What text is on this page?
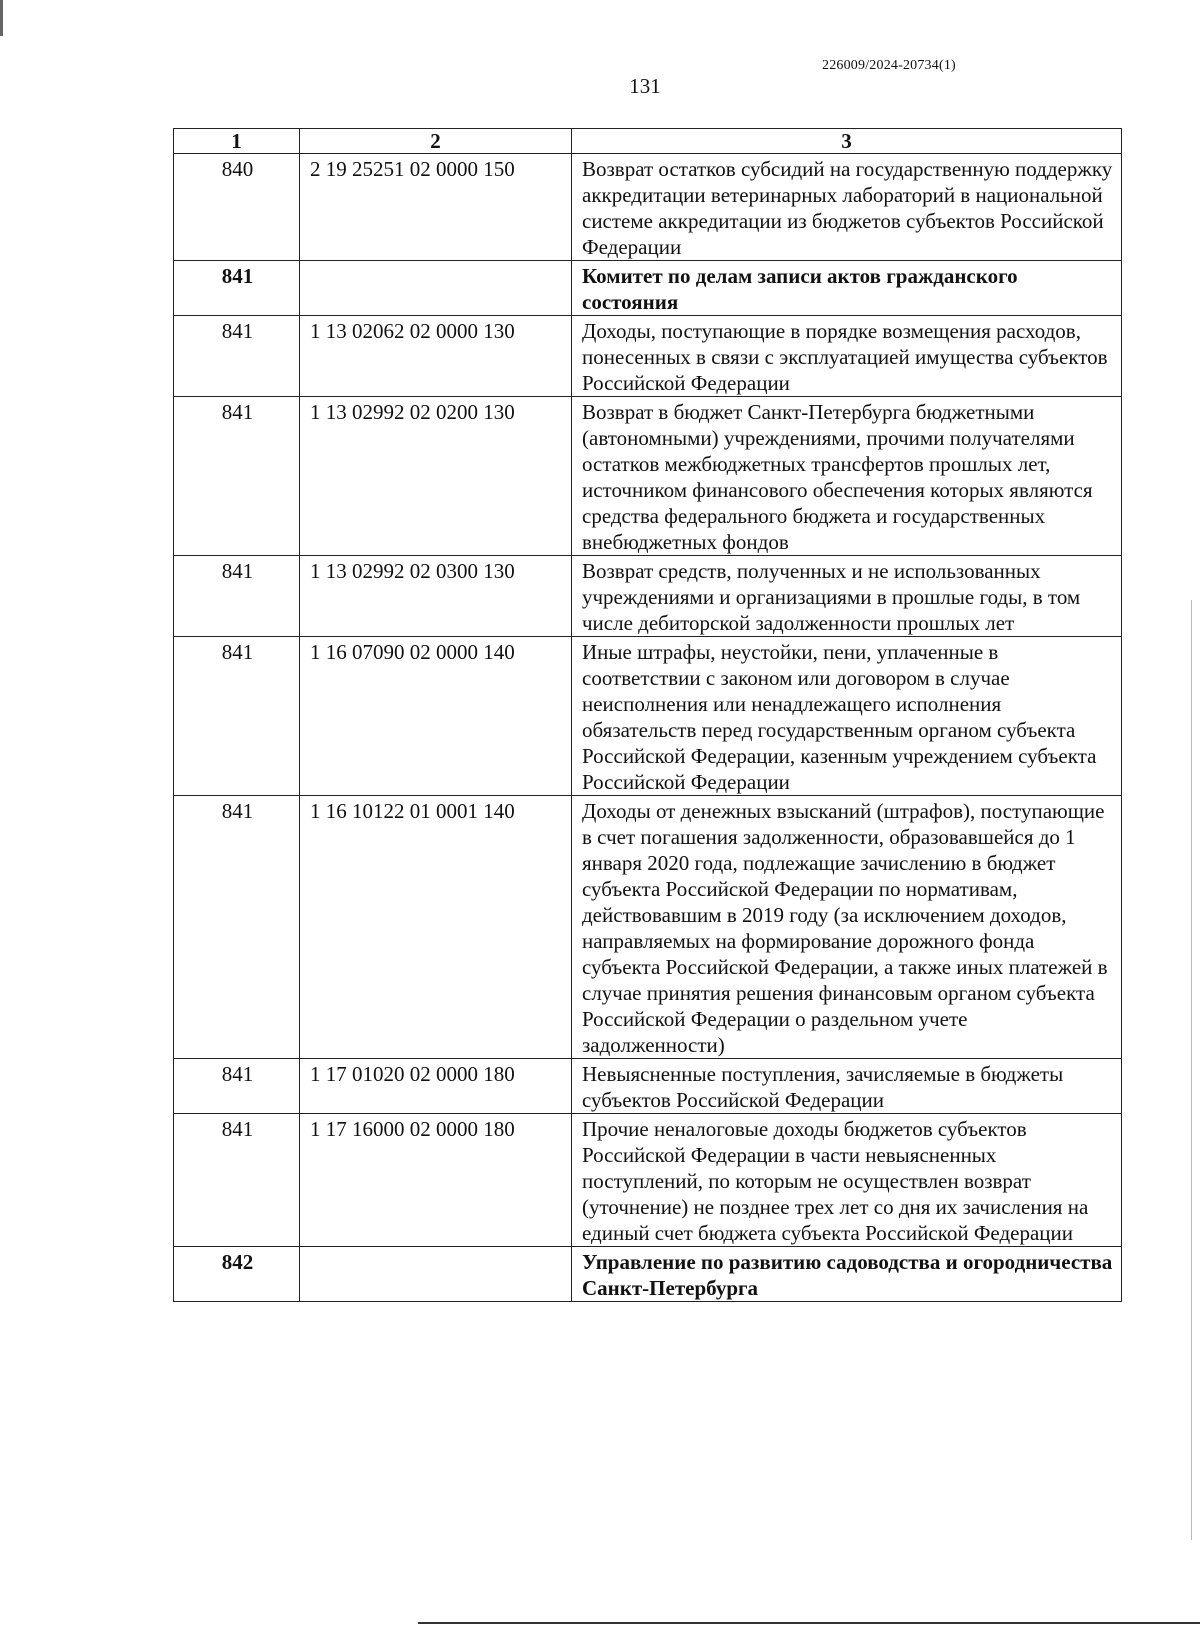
226009/2024-20734(1)
131
1	2	3
840	2 19 25251 02 0000 150	Возврат остатков субсидий на государственную поддержку аккредитации ветеринарных лабораторий в национальной системе аккредитации из бюджетов субъектов Российской Федерации
841		Комитет по делам записи актов гражданского состояния
841	1 13 02062 02 0000 130	Доходы, поступающие в порядке возмещения расходов, понесенных в связи с эксплуатацией имущества субъектов Российской Федерации
841	1 13 02992 02 0200 130	Возврат в бюджет Санкт-Петербурга бюджетными (автономными) учреждениями, прочими получателями остатков межбюджетных трансфертов прошлых лет, источником финансового обеспечения которых являются средства федерального бюджета и государственных внебюджетных фондов
841	1 13 02992 02 0300 130	Возврат средств, полученных и не использованных учреждениями и организациями в прошлые годы, в том числе дебиторской задолженности прошлых лет
841	1 16 07090 02 0000 140	Иные штрафы, неустойки, пени, уплаченные в соответствии с законом или договором в случае неисполнения или ненадлежащего исполнения обязательств перед государственным органом субъекта Российской Федерации, казенным учреждением субъекта Российской Федерации
841	1 16 10122 01 0001 140	Доходы от денежных взысканий (штрафов), поступающие в счет погашения задолженности, образовавшейся до 1 января 2020 года, подлежащие зачислению в бюджет субъекта Российской Федерации по нормативам, действовавшим в 2019 году (за исключением доходов, направляемых на формирование дорожного фонда субъекта Российской Федерации, а также иных платежей в случае принятия решения финансовым органом субъекта Российской Федерации о раздельном учете задолженности)
841	1 17 01020 02 0000 180	Невыясненные поступления, зачисляемые в бюджеты субъектов Российской Федерации
841	1 17 16000 02 0000 180	Прочие неналоговые доходы бюджетов субъектов Российской Федерации в части невыясненных поступлений, по которым не осуществлен возврат (уточнение) не позднее трех лет со дня их зачисления на единый счет бюджета субъекта Российской Федерации
842		Управление по развитию садоводства и огородничества Санкт-Петербурга
